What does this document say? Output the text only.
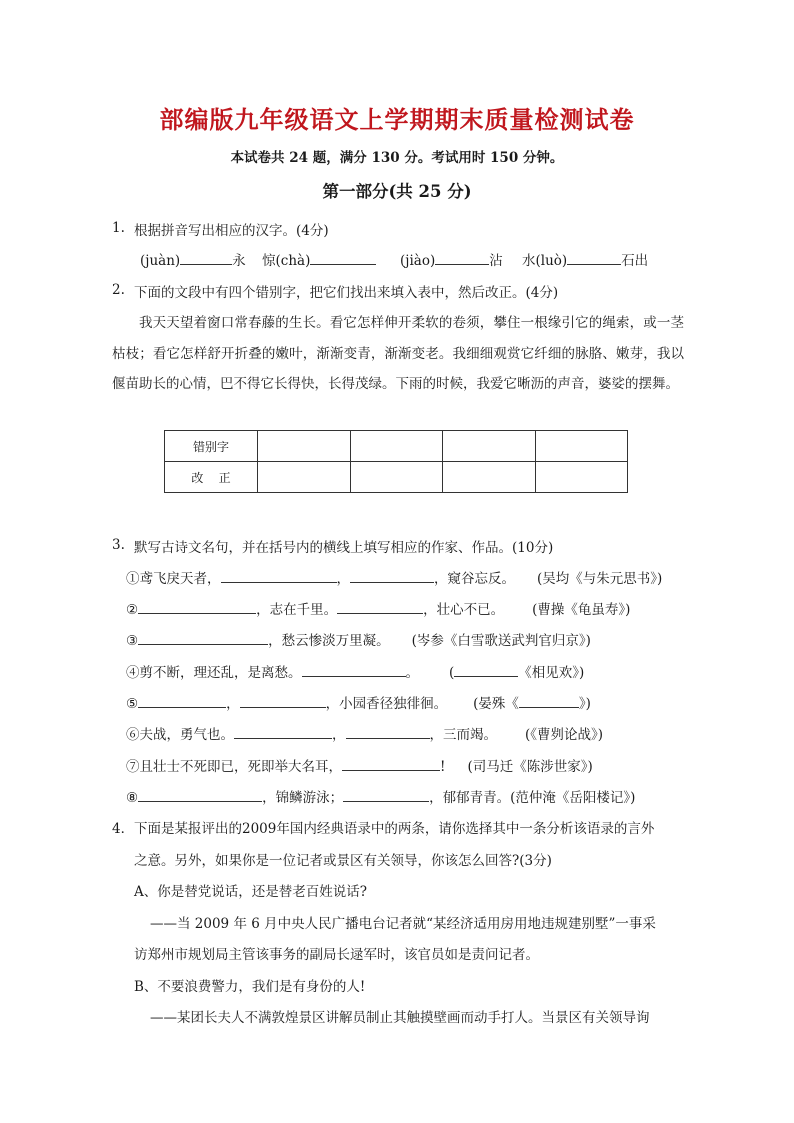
部编版九年级语文上学期期末质量检测试卷
本试卷共 24 题，满分 130 分。考试用时 150 分钟。
第一部分(共 25 分)
1. 根据拼音写出相应的汉字。(4分)
(juàn)	永 惊(chà)	(jiào)	沾 水(luò)	石出
2. 下面的文段中有四个错别字，把它们找出来填入表中，然后改正。(4分)
我天天望着窗口常春藤的生长。看它怎样伸开柔软的卷须，攀住一根缘引它的绳索，或一茎枯枝；看它怎样舒开折叠的嫩叶，渐渐变青，渐渐变老。我细细观赏它纤细的脉胳、嫩芽，我以偃苗助长的心情，巴不得它长得快，长得茂绿。下雨的时候，我爱它晰沥的声音，婆娑的摆舞。
错别字				
改    正				
3. 默写古诗文名句，并在括号内的横线上填写相应的作家、作品。(10分)
①鸢飞戾天者，	，	，窥谷忘反。 (吴均《与朱元思书》)
②	，志在千里。	，壮心不已。 (曹操《龟虽寿》)
③	，愁云惨淡万里凝。 (岑参《白雪歌送武判官归京》)
④剪不断，理还乱，是离愁。	。 (	《相见欢》)
⑤	，	，小园香径独徘徊。 (晏殊《	》)
⑥夫战，勇气也。	，	，三而竭。 (《曹刿论战》)
⑦且壮士不死即已，死即举大名耳，	! (司马迁《陈涉世家》)
⑧	，锦鳞游泳；	，郁郁青青。(范仲淹《岳阳楼记》)
4． 下面是某报评出的2009年国内经典语录中的两条，请你选择其中一条分析该语录的言外
之意。另外，如果你是一位记者或景区有关领导，你该怎么回答?(3分)
A、你是替党说话，还是替老百姓说话?
——当 2009 年 6 月中央人民广播电台记者就“某经济适用房用地违规建别墅”一事采
访郑州市规划局主管该事务的副局长逯军时，该官员如是责问记者。
B、不要浪费警力，我们是有身份的人!
——某团长夫人不满敦煌景区讲解员制止其触摸壁画而动手打人。当景区有关领导询
